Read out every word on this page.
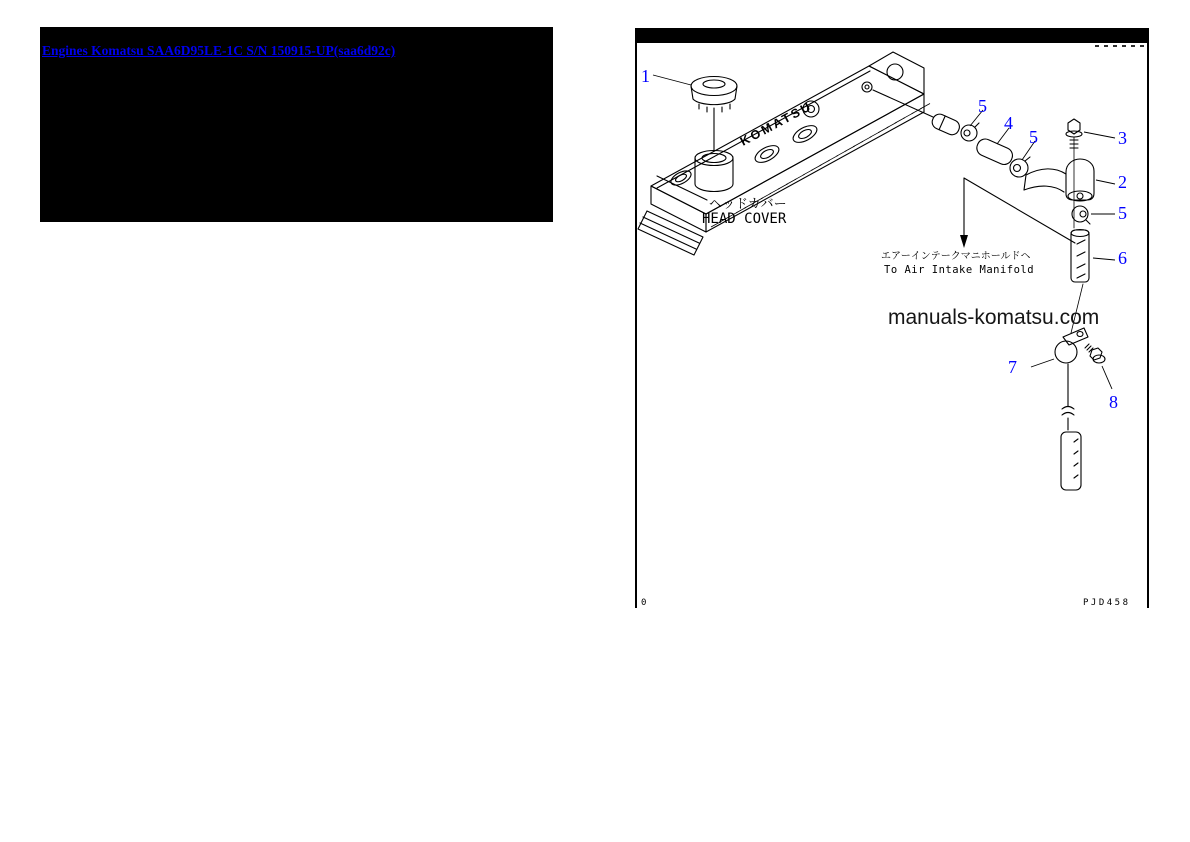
Engines Komatsu SAA6D95LE-1C S/N 150915-UP(saa6d92c)
KOMATSU
ヘッドカバー
HEAD COVER
エアーインテークマニホールドヘ
To Air Intake Manifold
manuals-komatsu.com
0	PJD458
1
5
4
5	3
2
5
6
7
8
